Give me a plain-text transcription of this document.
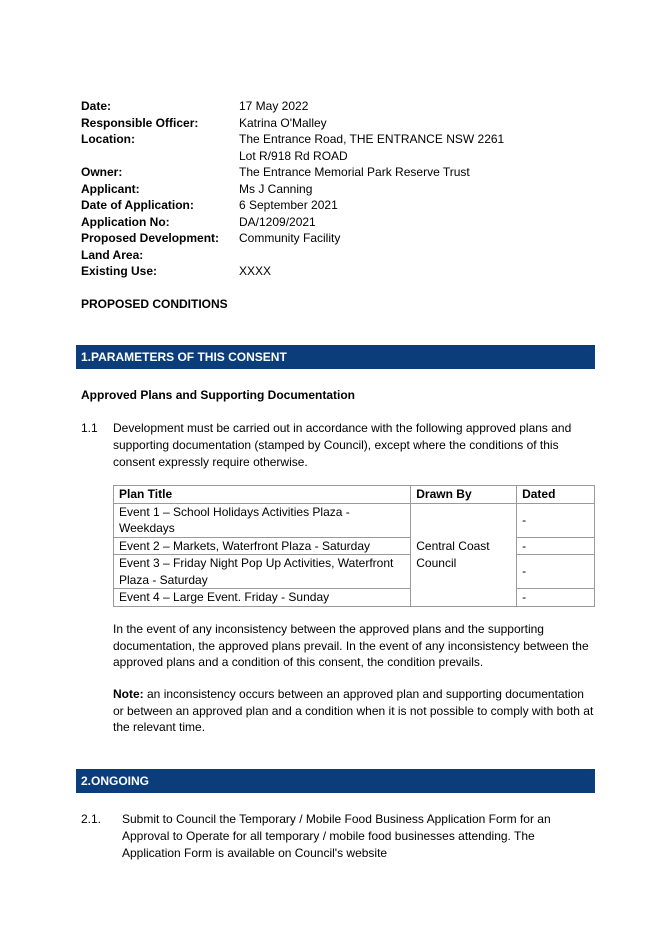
Date:	17 May 2022
Responsible Officer:	Katrina O'Malley
Location:	The Entrance Road, THE ENTRANCE NSW 2261
Lot R/918 Rd ROAD
Owner:	The Entrance Memorial Park Reserve Trust
Applicant:	Ms J Canning
Date of Application:	6 September 2021
Application No:	DA/1209/2021
Proposed Development:	Community Facility
Land Area:
Existing Use:	XXXX
PROPOSED CONDITIONS
1.PARAMETERS OF THIS CONSENT
Approved Plans and Supporting Documentation
1.1	Development must be carried out in accordance with the following approved plans and supporting documentation (stamped by Council), except where the conditions of this consent expressly require otherwise.
Plan Title	Drawn By	Dated
Event 1 – School Holidays Activities Plaza - Weekdays	Central Coast Council	-
Event 2 – Markets, Waterfront Plaza - Saturday		-
Event 3 – Friday Night Pop Up Activities, Waterfront Plaza - Saturday		-
Event 4 – Large Event. Friday - Sunday		-
In the event of any inconsistency between the approved plans and the supporting documentation, the approved plans prevail. In the event of any inconsistency between the approved plans and a condition of this consent, the condition prevails.
Note: an inconsistency occurs between an approved plan and supporting documentation or between an approved plan and a condition when it is not possible to comply with both at the relevant time.
2.ONGOING
2.1.	Submit to Council the Temporary / Mobile Food Business Application Form for an Approval to Operate for all temporary / mobile food businesses attending. The Application Form is available on Council's website
